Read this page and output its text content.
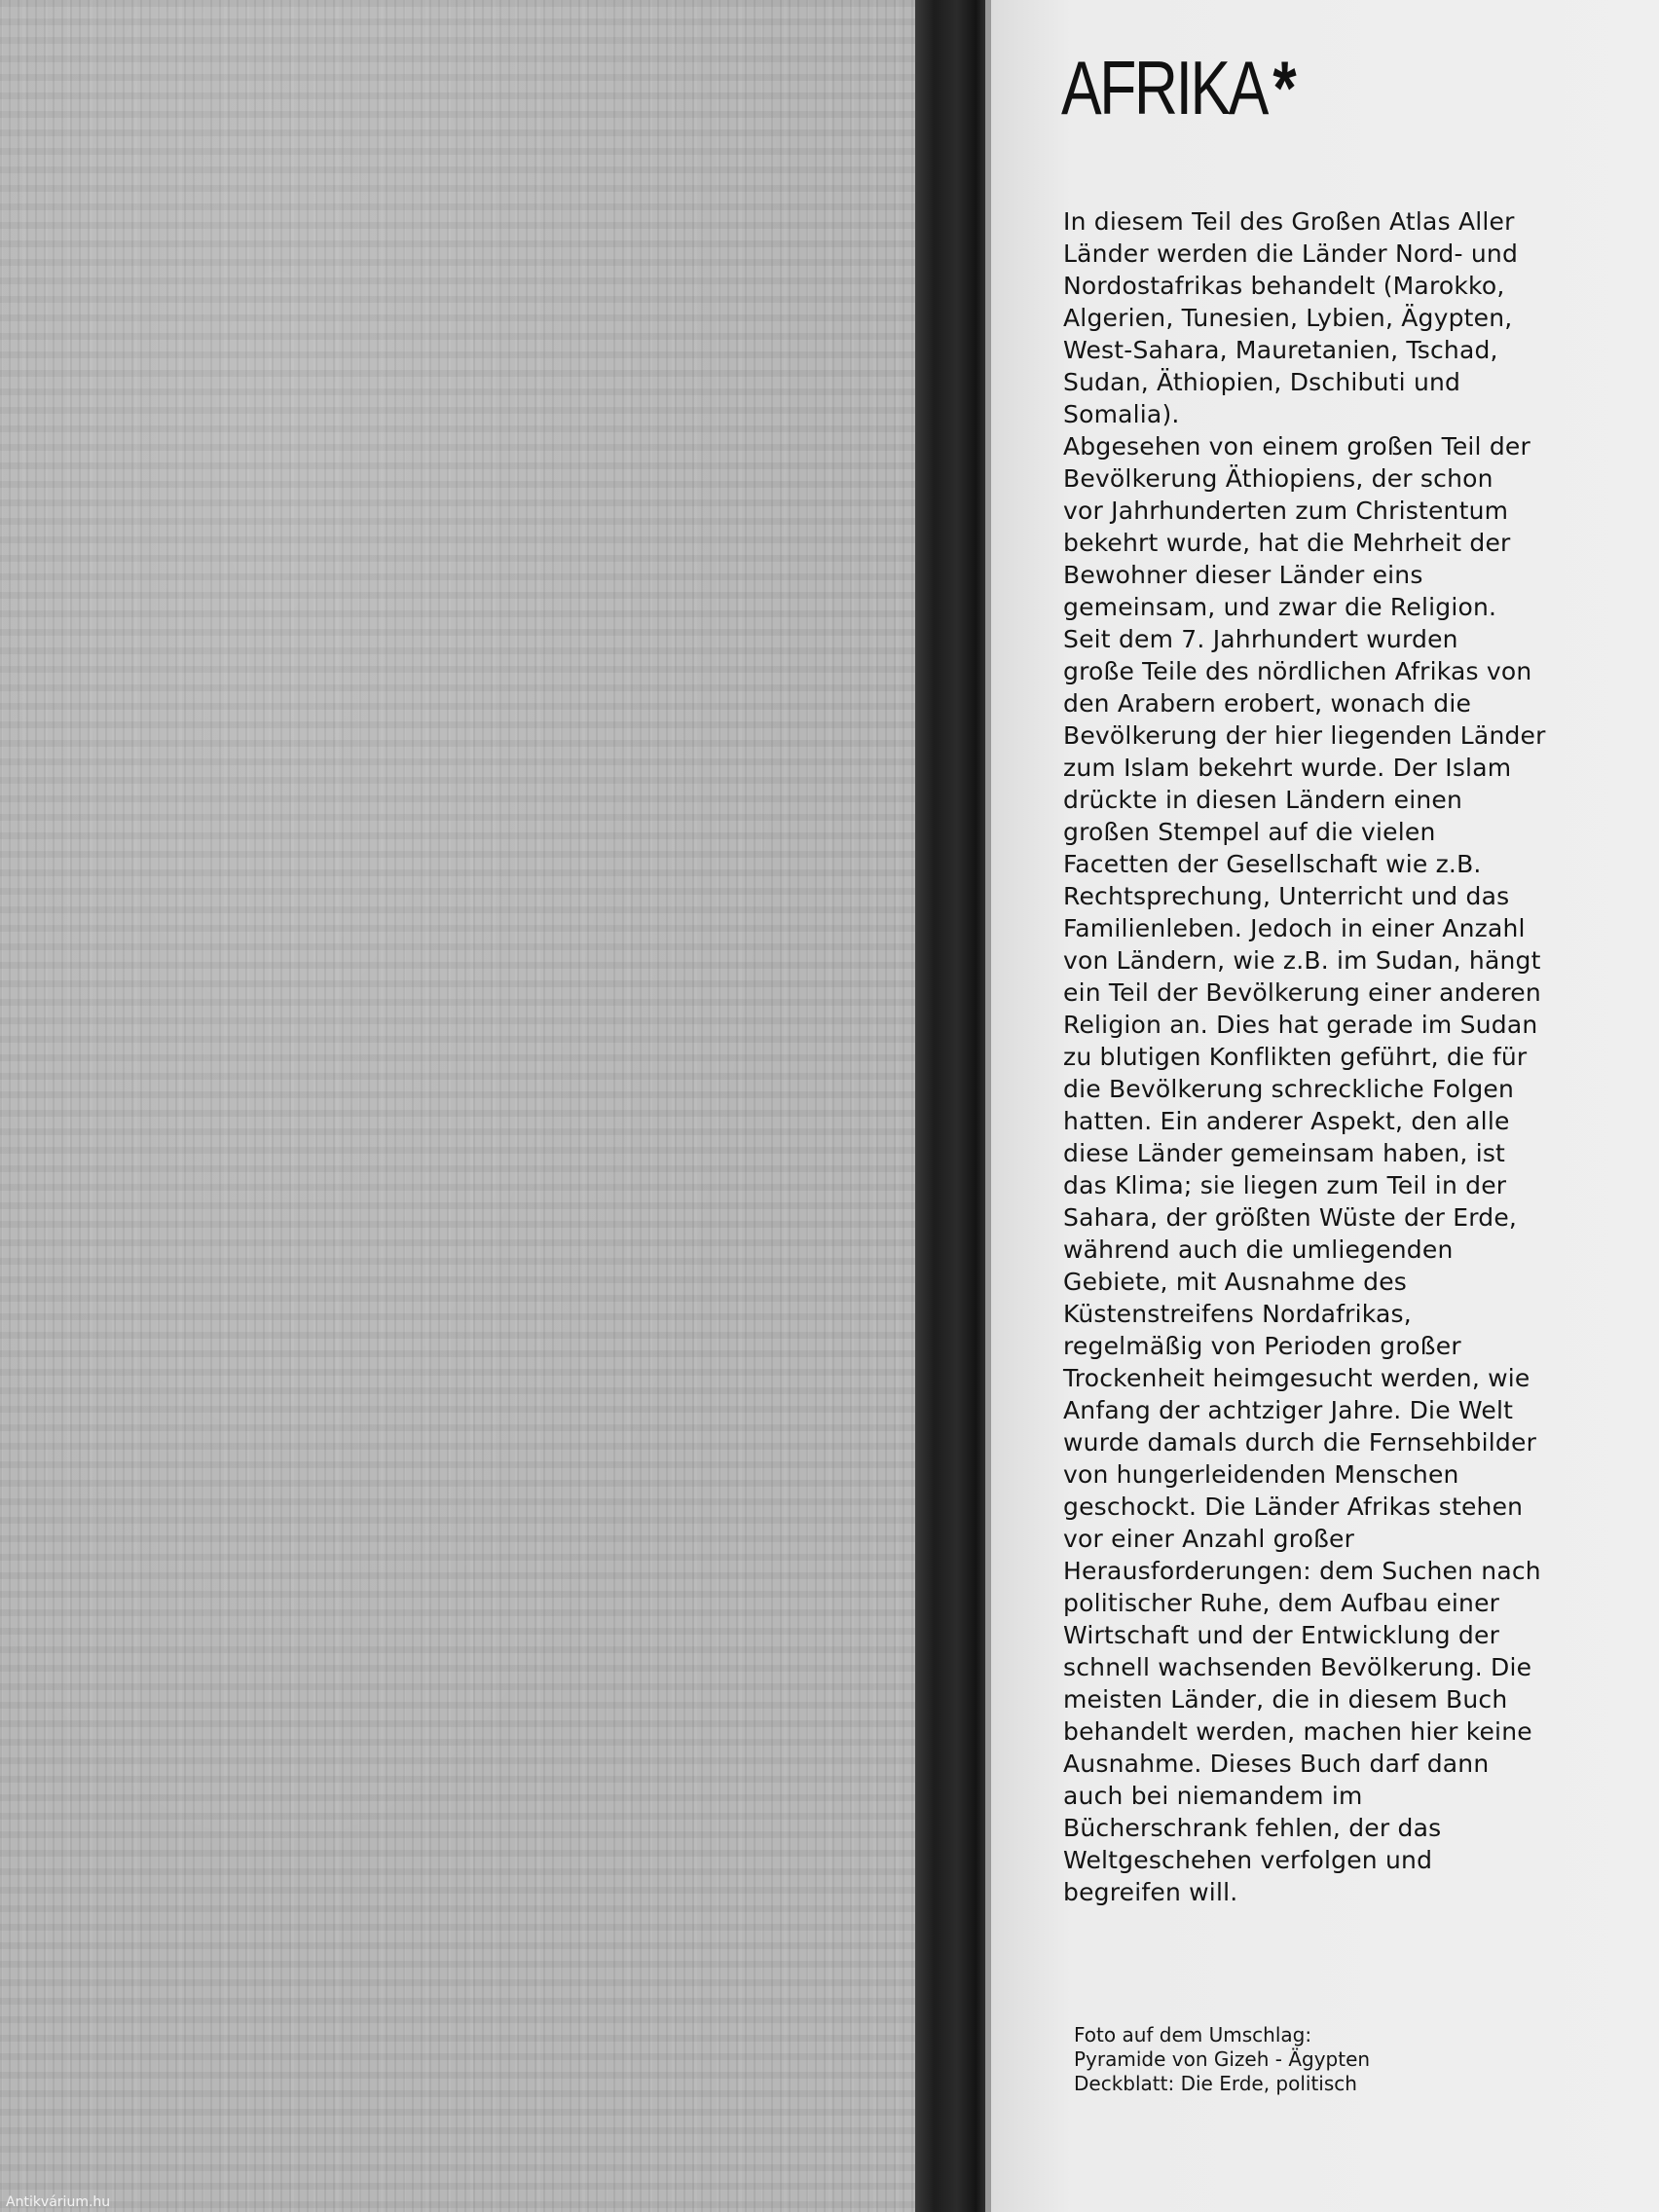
AFRIKA*
In diesem Teil des Großen Atlas Aller
Länder werden die Länder Nord- und
Nordostafrikas behandelt (Marokko,
Algerien, Tunesien, Lybien, Ägypten,
West-Sahara, Mauretanien, Tschad,
Sudan, Äthiopien, Dschibuti und
Somalia).
Abgesehen von einem großen Teil der
Bevölkerung Äthiopiens, der schon
vor Jahrhunderten zum Christentum
bekehrt wurde, hat die Mehrheit der
Bewohner dieser Länder eins
gemeinsam, und zwar die Religion.
Seit dem 7. Jahrhundert wurden
große Teile des nördlichen Afrikas von
den Arabern erobert, wonach die
Bevölkerung der hier liegenden Länder
zum Islam bekehrt wurde. Der Islam
drückte in diesen Ländern einen
großen Stempel auf die vielen
Facetten der Gesellschaft wie z.B.
Rechtsprechung, Unterricht und das
Familienleben. Jedoch in einer Anzahl
von Ländern, wie z.B. im Sudan, hängt
ein Teil der Bevölkerung einer anderen
Religion an. Dies hat gerade im Sudan
zu blutigen Konflikten geführt, die für
die Bevölkerung schreckliche Folgen
hatten. Ein anderer Aspekt, den alle
diese Länder gemeinsam haben, ist
das Klima; sie liegen zum Teil in der
Sahara, der größten Wüste der Erde,
während auch die umliegenden
Gebiete, mit Ausnahme des
Küstenstreifens Nordafrikas,
regelmäßig von Perioden großer
Trockenheit heimgesucht werden, wie
Anfang der achtziger Jahre. Die Welt
wurde damals durch die Fernsehbilder
von hungerleidenden Menschen
geschockt. Die Länder Afrikas stehen
vor einer Anzahl großer
Herausforderungen: dem Suchen nach
politischer Ruhe, dem Aufbau einer
Wirtschaft und der Entwicklung der
schnell wachsenden Bevölkerung. Die
meisten Länder, die in diesem Buch
behandelt werden, machen hier keine
Ausnahme. Dieses Buch darf dann
auch bei niemandem im
Bücherschrank fehlen, der das
Weltgeschehen verfolgen und
begreifen will.
Foto auf dem Umschlag:
Pyramide von Gizeh - Ägypten
Deckblatt: Die Erde, politisch
Antikvárium.hu
